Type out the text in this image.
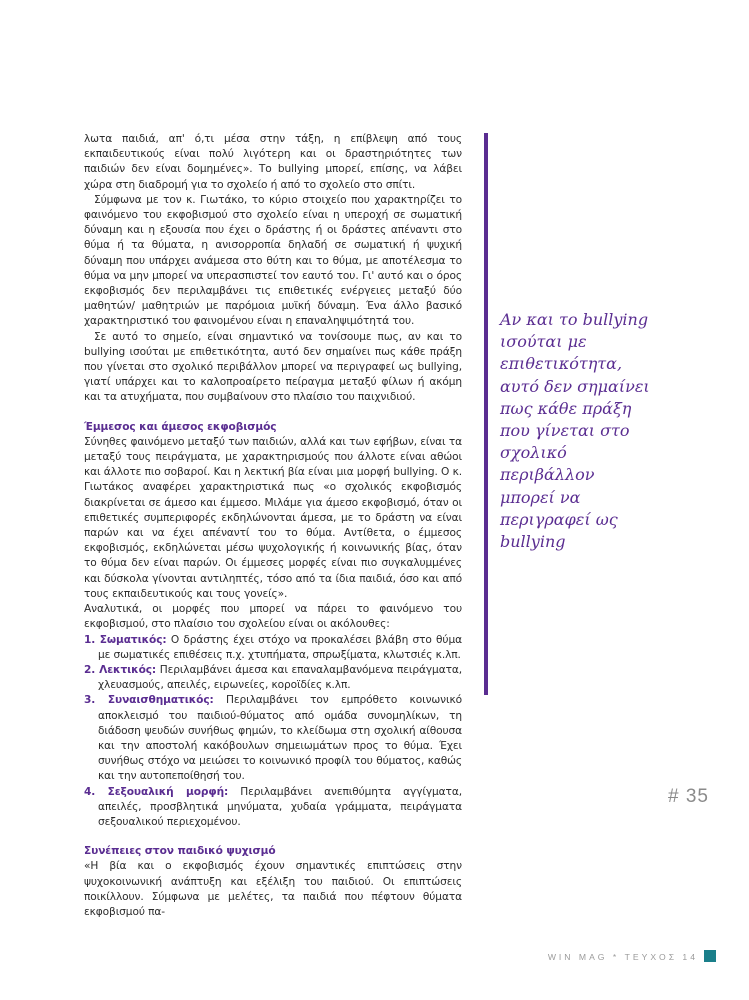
λωτα παιδιά, απ' ό,τι μέσα στην τάξη, η επίβλεψη από τους εκπαιδευτικούς είναι πολύ λιγότερη και οι δραστηριότητες των παιδιών δεν είναι δομημένες». Το bullying μπορεί, επίσης, να λάβει χώρα στη διαδρομή για το σχολείο ή από το σχολείο στο σπίτι.

Σύμφωνα με τον κ. Γιωτάκο, το κύριο στοιχείο που χαρακτηρίζει το φαινόμενο του εκφοβισμού στο σχολείο είναι η υπεροχή σε σωματική δύναμη και η εξουσία που έχει ο δράστης ή οι δράστες απέναντι στο θύμα ή τα θύματα, η ανισορροπία δηλαδή σε σωματική ή ψυχική δύναμη που υπάρχει ανάμεσα στο θύτη και το θύμα, με αποτέλεσμα το θύμα να μην μπορεί να υπερασπιστεί τον εαυτό του. Γι' αυτό και ο όρος εκφοβισμός δεν περιλαμβάνει τις επιθετικές ενέργειες μεταξύ δύο μαθητών/ μαθητριών με παρόμοια μυϊκή δύναμη. Ένα άλλο βασικό χαρακτηριστικό του φαινομένου είναι η επαναληψιμότητά του.

Σε αυτό το σημείο, είναι σημαντικό να τονίσουμε πως, αν και το bullying ισούται με επιθετικότητα, αυτό δεν σημαίνει πως κάθε πράξη που γίνεται στο σχολικό περιβάλλον μπορεί να περιγραφεί ως bullying, γιατί υπάρχει και το καλοπροαίρετο πείραγμα μεταξύ φίλων ή ακόμη και τα ατυχήματα, που συμβαίνουν στο πλαίσιο του παιχνιδιού.

Έμμεσος και άμεσος εκφοβισμός

Σύνηθες φαινόμενο μεταξύ των παιδιών, αλλά και των εφήβων, είναι τα μεταξύ τους πειράγματα, με χαρακτηρισμούς που άλλοτε είναι αθώοι και άλλοτε πιο σοβαροί. Και η λεκτική βία είναι μια μορφή bullying. Ο κ. Γιωτάκος αναφέρει χαρακτηριστικά πως «ο σχολικός εκφοβισμός διακρίνεται σε άμεσο και έμμεσο. Μιλάμε για άμεσο εκφοβισμό, όταν οι επιθετικές συμπεριφορές εκδηλώνονται άμεσα, με το δράστη να είναι παρών και να έχει απέναντί του το θύμα. Αντίθετα, ο έμμεσος εκφοβισμός, εκδηλώνεται μέσω ψυχολογικής ή κοινωνικής βίας, όταν το θύμα δεν είναι παρών. Οι έμμεσες μορφές είναι πιο συγκαλυμμένες και δύσκολα γίνονται αντιληπτές, τόσο από τα ίδια παιδιά, όσο και από τους εκπαιδευτικούς και τους γονείς».

Αναλυτικά, οι μορφές που μπορεί να πάρει το φαινόμενο του εκφοβισμού, στο πλαίσιο του σχολείου είναι οι ακόλουθες:

1. Σωματικός: Ο δράστης έχει στόχο να προκαλέσει βλάβη στο θύμα με σωματικές επιθέσεις π.χ. χτυπήματα, σπρωξίματα, κλωτσιές κ.λπ.

2. Λεκτικός: Περιλαμβάνει άμεσα και επαναλαμβανόμενα πειράγματα, χλευασμούς, απειλές, ειρωνείες, κοροϊδίες κ.λπ.

3. Συναισθηματικός: Περιλαμβάνει τον εμπρόθετο κοινωνικό αποκλεισμό του παιδιού-θύματος από ομάδα συνομηλίκων, τη διάδοση ψευδών συνήθως φημών, το κλείδωμα στη σχολική αίθουσα και την αποστολή κακόβουλων σημειωμάτων προς το θύμα. Έχει συνήθως στόχο να μειώσει το κοινωνικό προφίλ του θύματος, καθώς και την αυτοπεποίθησή του.

4. Σεξουαλική μορφή: Περιλαμβάνει ανεπιθύμητα αγγίγματα, απειλές, προσβλητικά μηνύματα, χυδαία γράμματα, πειράγματα σεξουαλικού περιεχομένου.

Συνέπειες στον παιδικό ψυχισμό

«Η βία και ο εκφοβισμός έχουν σημαντικές επιπτώσεις στην ψυχοκοινωνική ανάπτυξη και εξέλιξη του παιδιού. Οι επιπτώσεις ποικίλλουν. Σύμφωνα με μελέτες, τα παιδιά που πέφτουν θύματα εκφοβισμού πα-

Αν και το bullying ισούται με επιθετικότητα, αυτό δεν σημαίνει πως κάθε πράξη που γίνεται στο σχολικό περιβάλλον μπορεί να περιγραφεί ως bullying

# 35
WIN MAG * ΤΕΥΧΟΣ 14
